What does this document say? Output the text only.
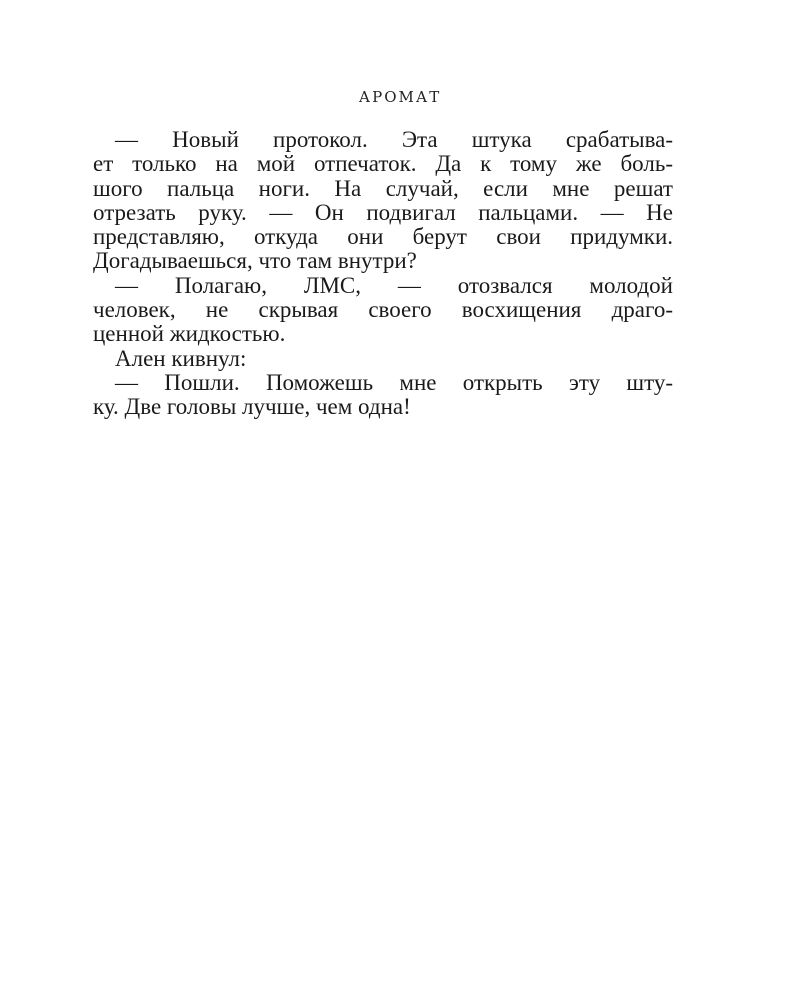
АРОМАТ
— Новый протокол. Эта штука срабатыва-
ет только на мой отпечаток. Да к тому же боль-
шого пальца ноги. На случай, если мне решат
отрезать руку. — Он подвигал пальцами. — Не
представляю, откуда они берут свои придумки.
Догадываешься, что там внутри?
— Полагаю, ЛМС, — отозвался молодой
человек, не скрывая своего восхищения драго-
ценной жидкостью.
Ален кивнул:
— Пошли. Поможешь мне открыть эту шту-
ку. Две головы лучше, чем одна!
